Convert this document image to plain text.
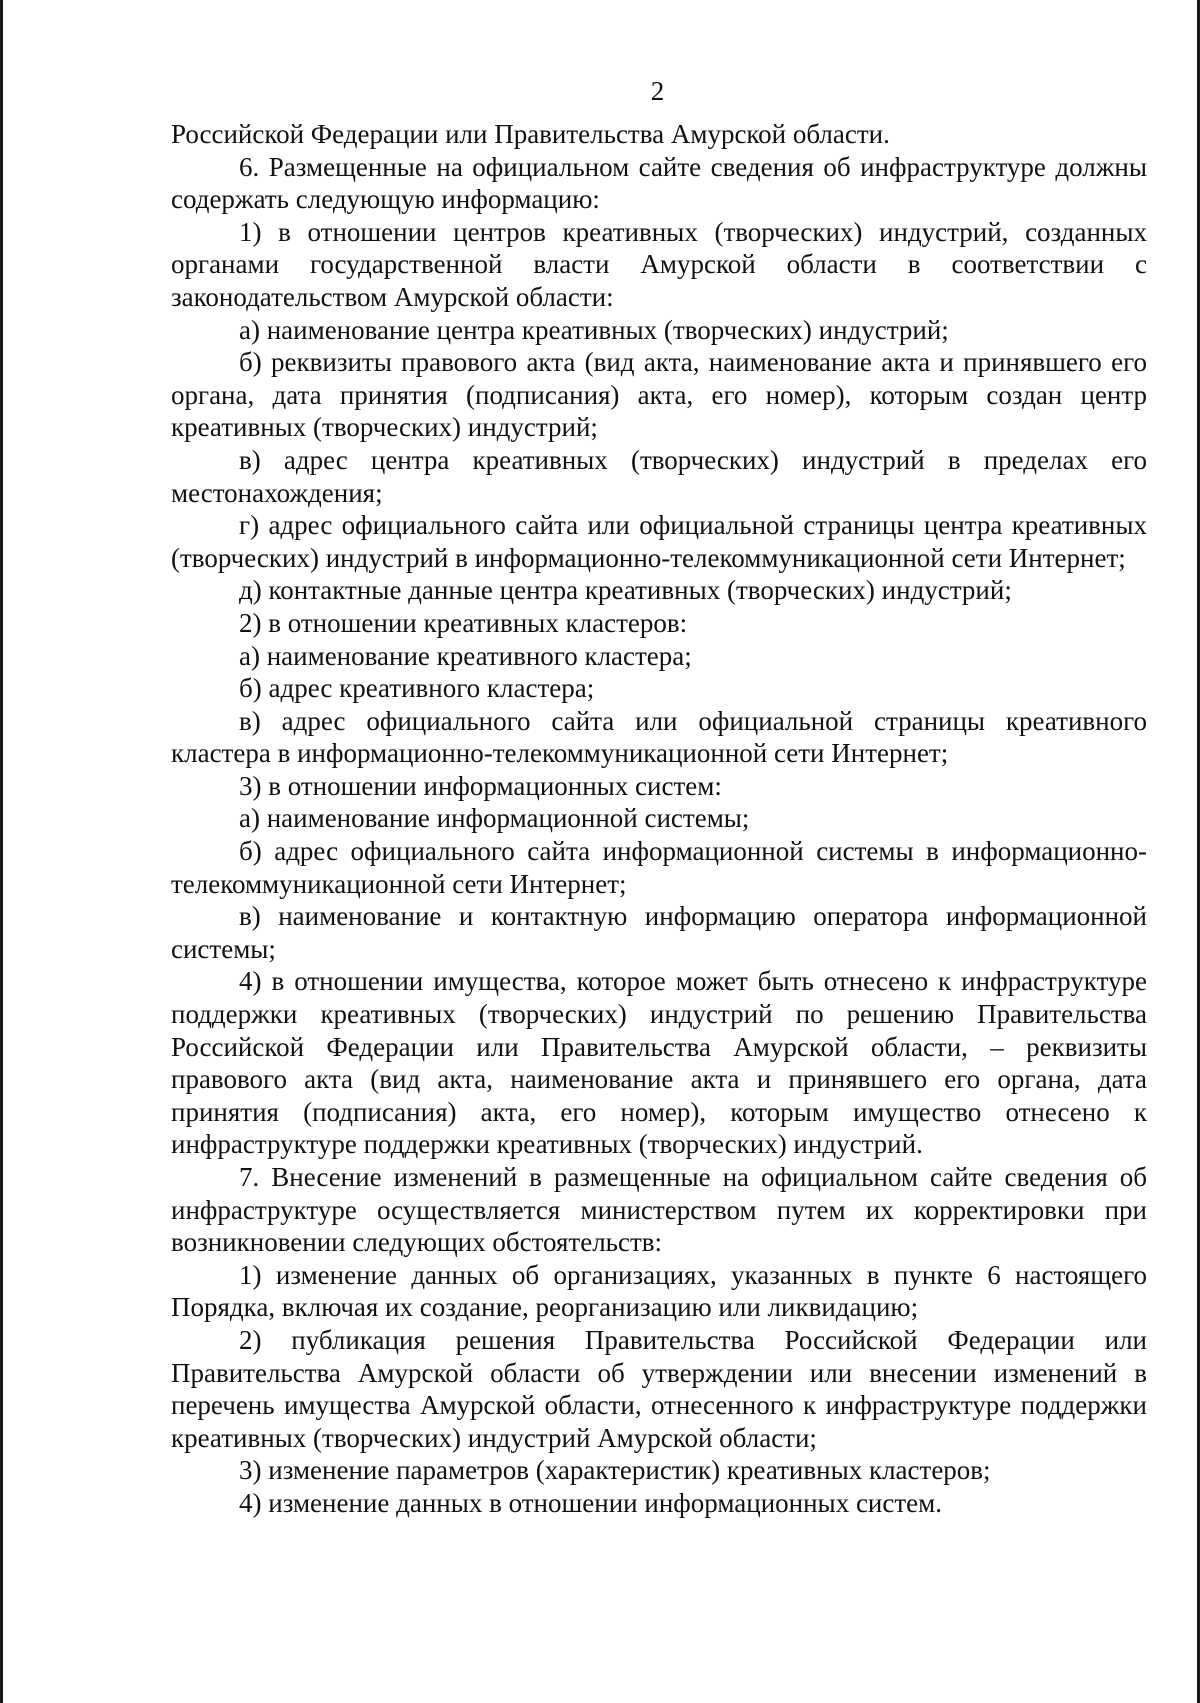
2

Российской Федерации или Правительства Амурской области.

6. Размещенные на официальном сайте сведения об инфраструктуре должны содержать следующую информацию:

1) в отношении центров креативных (творческих) индустрий, созданных органами государственной власти Амурской области в соответствии с законодательством Амурской области:

а) наименование центра креативных (творческих) индустрий;

б) реквизиты правового акта (вид акта, наименование акта и принявшего его органа, дата принятия (подписания) акта, его номер), которым создан центр креативных (творческих) индустрий;

в) адрес центра креативных (творческих) индустрий в пределах его местонахождения;

г) адрес официального сайта или официальной страницы центра креативных (творческих) индустрий в информационно-телекоммуникационной сети Интернет;

д) контактные данные центра креативных (творческих) индустрий;

2) в отношении креативных кластеров:

а) наименование креативного кластера;

б) адрес креативного кластера;

в) адрес официального сайта или официальной страницы креативного кластера в информационно-телекоммуникационной сети Интернет;

3) в отношении информационных систем:

а) наименование информационной системы;

б) адрес официального сайта информационной системы в информационно-телекоммуникационной сети Интернет;

в) наименование и контактную информацию оператора информационной системы;

4) в отношении имущества, которое может быть отнесено к инфраструктуре поддержки креативных (творческих) индустрий по решению Правительства Российской Федерации или Правительства Амурской области, – реквизиты правового акта (вид акта, наименование акта и принявшего его органа, дата принятия (подписания) акта, его номер), которым имущество отнесено к инфраструктуре поддержки креативных (творческих) индустрий.

7. Внесение изменений в размещенные на официальном сайте сведения об инфраструктуре осуществляется министерством путем их корректировки при возникновении следующих обстоятельств:

1) изменение данных об организациях, указанных в пункте 6 настоящего Порядка, включая их создание, реорганизацию или ликвидацию;

2) публикация решения Правительства Российской Федерации или Правительства Амурской области об утверждении или внесении изменений в перечень имущества Амурской области, отнесенного к инфраструктуре поддержки креативных (творческих) индустрий Амурской области;

3) изменение параметров (характеристик) креативных кластеров;

4) изменение данных в отношении информационных систем.
